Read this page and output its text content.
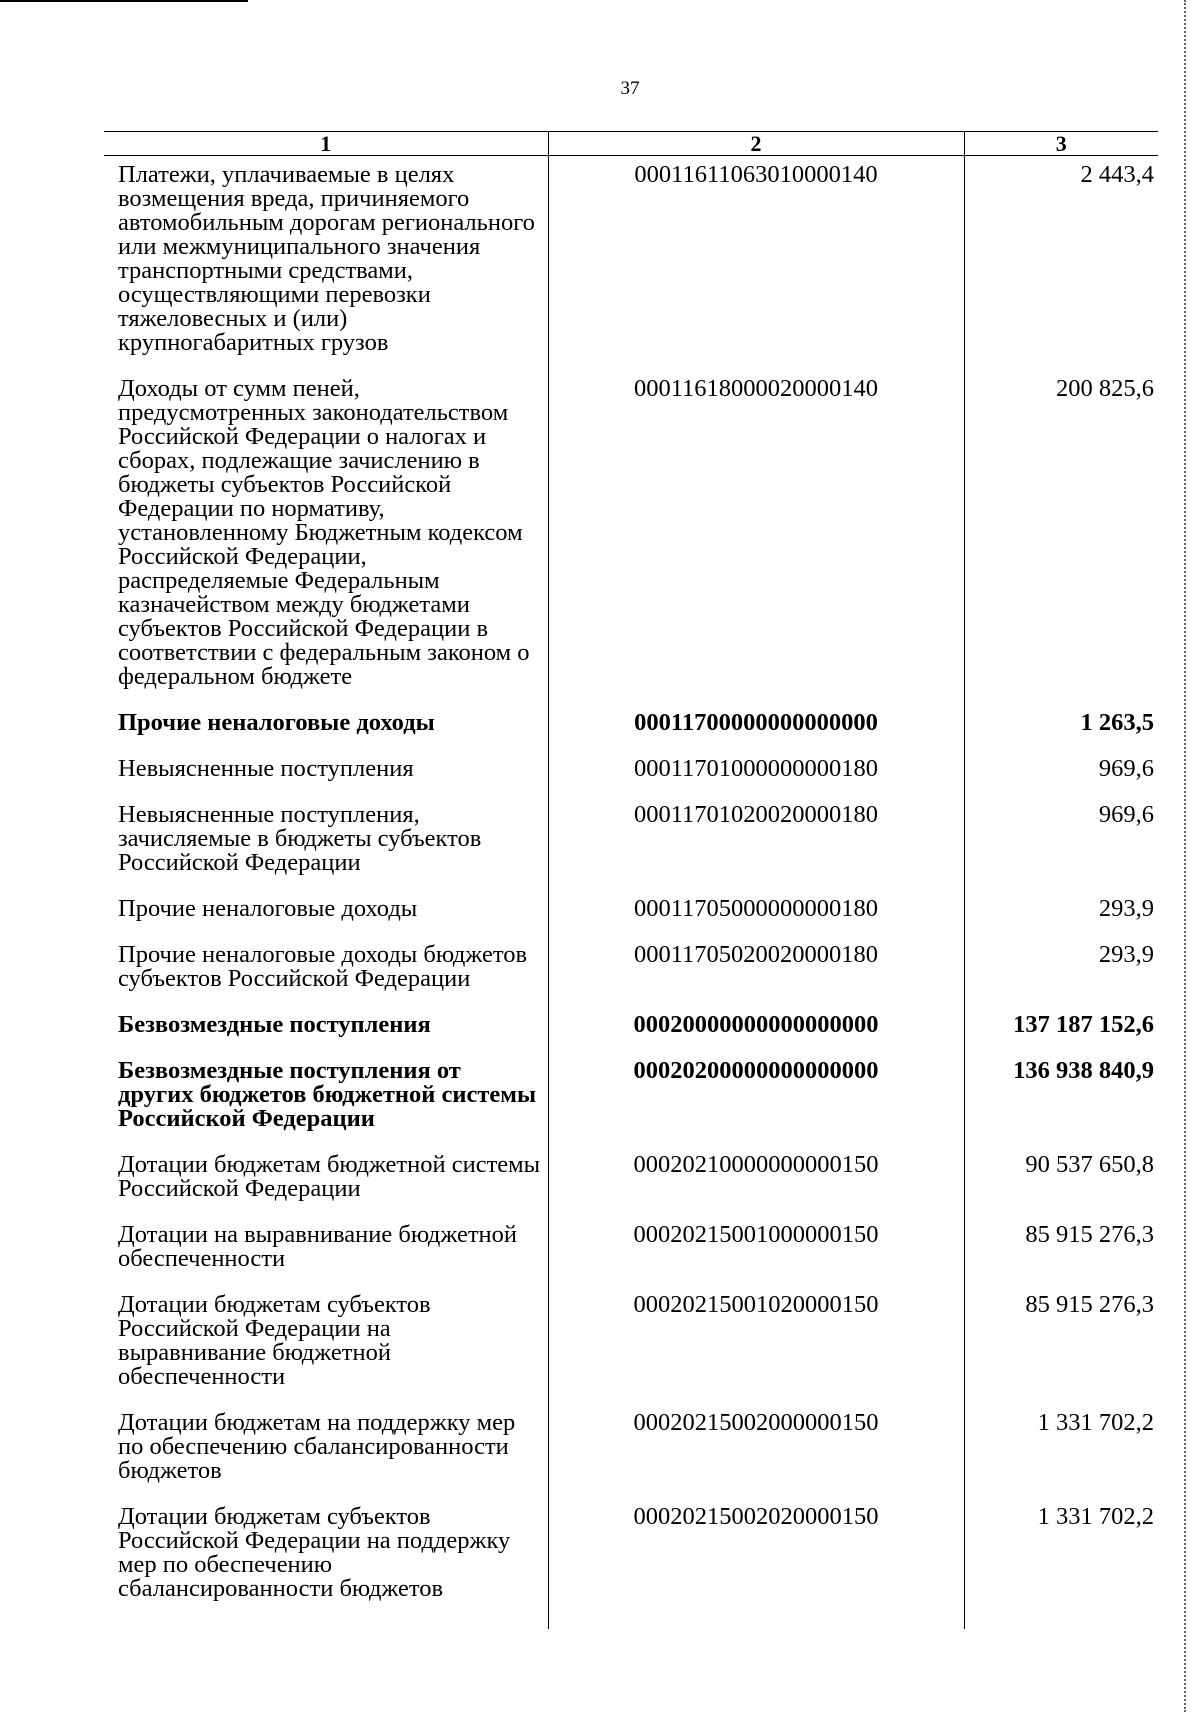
37
1	2	3
Платежи, уплачиваемые в целях возмещения вреда, причиняемого автомобильным дорогам регионального или межмуниципального значения транспортными средствами, осуществляющими перевозки тяжеловесных и (или) крупногабаритных грузов	00011611063010000140	2 443,4
Доходы от сумм пеней, предусмотренных законодательством Российской Федерации о налогах и сборах, подлежащие зачислению в бюджеты субъектов Российской Федерации по нормативу, установленному Бюджетным кодексом Российской Федерации, распределяемые Федеральным казначейством между бюджетами субъектов Российской Федерации в соответствии с федеральным законом о федеральном бюджете	00011618000020000140	200 825,6
Прочие неналоговые доходы	00011700000000000000	1 263,5
Невыясненные поступления	00011701000000000180	969,6
Невыясненные поступления, зачисляемые в бюджеты субъектов Российской Федерации	00011701020020000180	969,6
Прочие неналоговые доходы	00011705000000000180	293,9
Прочие неналоговые доходы бюджетов субъектов Российской Федерации	00011705020020000180	293,9
Безвозмездные поступления	00020000000000000000	137 187 152,6
Безвозмездные поступления от других бюджетов бюджетной системы Российской Федерации	00020200000000000000	136 938 840,9
Дотации бюджетам бюджетной системы Российской Федерации	00020210000000000150	90 537 650,8
Дотации на выравнивание бюджетной обеспеченности	00020215001000000150	85 915 276,3
Дотации бюджетам субъектов Российской Федерации на выравнивание бюджетной обеспеченности	00020215001020000150	85 915 276,3
Дотации бюджетам на поддержку мер по обеспечению сбалансированности бюджетов	00020215002000000150	1 331 702,2
Дотации бюджетам субъектов Российской Федерации на поддержку мер по обеспечению сбалансированности бюджетов	00020215002020000150	1 331 702,2
